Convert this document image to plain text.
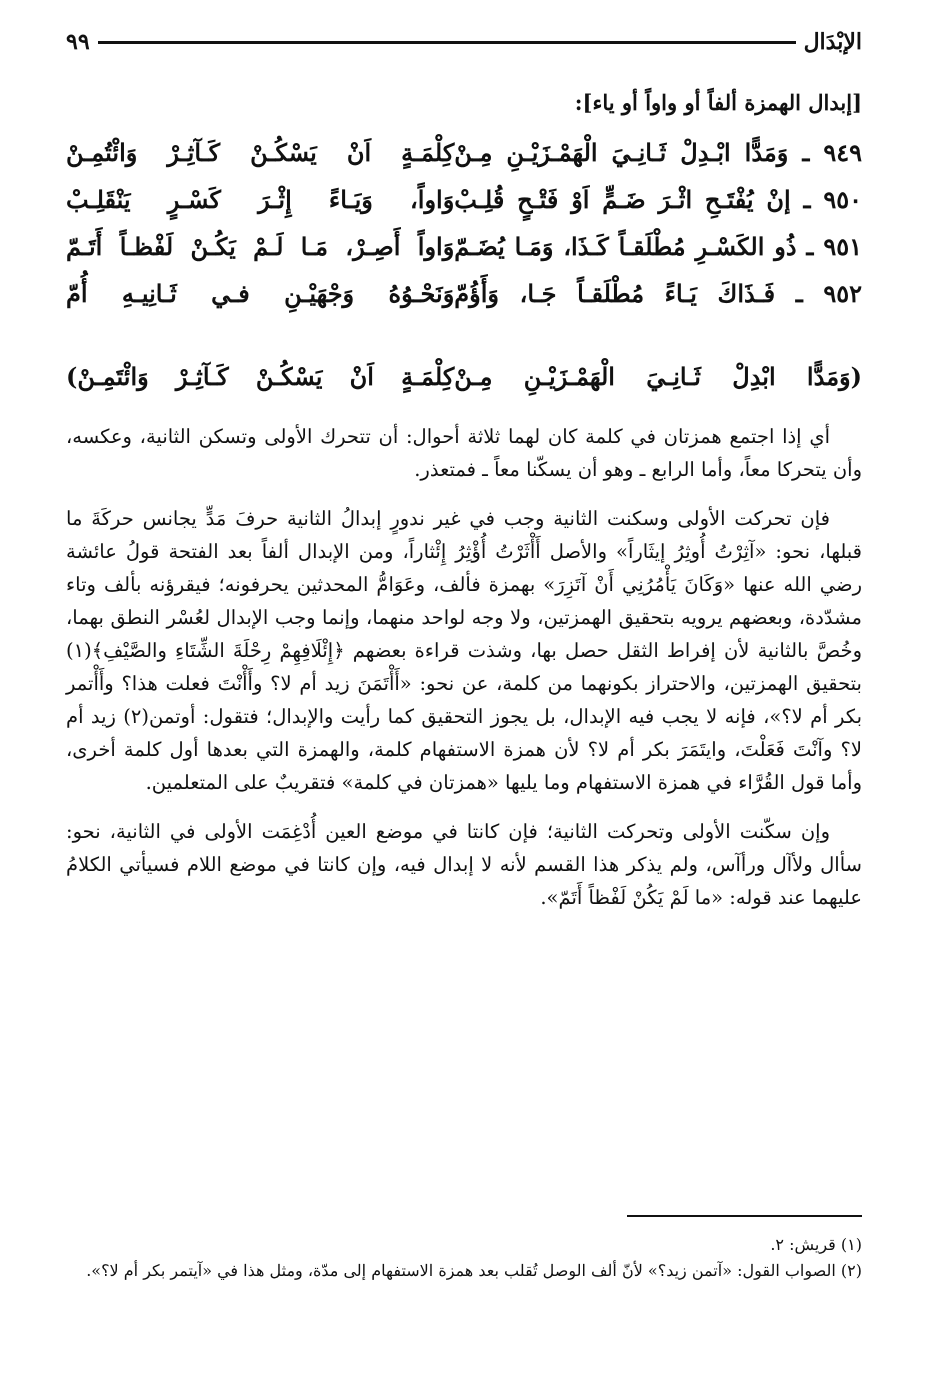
الإبْدَال
٩٩
[إبدال الهمزة ألفاً أو واواً أو ياء]:
٩٤٩ ـ وَمَدًّا ابْـدِلْ ثَـانِـيَ الْهَمْـزَيْـنِ مِـنْ
كِلْمَـةٍ اَنْ يَسْكُـنْ كَـآثِـرْ وَائْتُمِـنْ
٩٥٠ ـ إنْ يُفْتَـحِ اثْـرَ ضَـمٍّ اَوْ فَتْـحٍ قُلِـبْ
وَاواً، وَيَـاءً إِثْـرَ كَسْـرٍ يَنْقَلِـبْ
٩٥١ ـ ذُو الكَسْـرِ مُطْلَقـاً كَـذَا، وَمَـا يُضَـمّ
وَاواً أَصِـرْ، مَـا لَـمْ يَكُـنْ لَفْظـاً أَتَـمّ
٩٥٢ ـ فَـذَاكَ يَـاءً مُطْلَقـاً جَـا، وَأَؤُمّ
وَنَحْـوُهُ وَجْهَيْـنِ فـي ثَـانِيـهِ أُمّ
(وَمَدًّا ابْدِلْ ثَـانِـيَ الْهَمْـزَيْـنِ مِـنْ
كِلْمَـةٍ اَنْ يَسْكُـنْ كَـآثِـرْ وَائْتَمِـنْ)

أي إذا اجتمع همزتان في كلمة كان لهما ثلاثة أحوال: أن تتحرك الأولى وتسكن الثانية، وعكسه، وأن يتحركا معاً، وأما الرابع ـ وهو أن يسكّنا معاً ـ فمتعذر.

فإن تحركت الأولى وسكنت الثانية وجب في غير ندورٍ إبدالُ الثانية حرفَ مَدٍّ يجانس حركَةَ ما قبلها، نحو: «آثِرْتُ أُوثِرُ إيثَاراً» والأصل أَأْثَرْتُ أُؤْثِرُ إِئْثاراً، ومن الإبدال ألفاً بعد الفتحة قولُ عائشة رضي الله عنها «وَكَانَ يَأْمُرُنِي أَنْ آتَزِرَ» بهمزة فألف، وعَوَامُّ المحدثين يحرفونه؛ فيقرؤنه بألف وتاء مشدّدة، وبعضهم يرويه بتحقيق الهمزتين، ولا وجه لواحد منهما، وإنما وجب الإبدال لعُسْر النطق بهما، وخُصَّ بالثانية لأن إفراط الثقل حصل بها، وشذت قراءة بعضهم ﴿إِئْلَافِهِمْ رِحْلَةَ الشِّتَاءِ والصَّيْفِ﴾(١) بتحقيق الهمزتين، والاحتراز بكونهما من كلمة، عن نحو: «أَأْتَمَنَ زيد أم لا؟ وأَأْنْتَ فعلت هذا؟ وأَأْتمر بكر أم لا؟»، فإنه لا يجب فيه الإبدال، بل يجوز التحقيق كما رأيت والإبدال؛ فتقول: أوتمن(٢) زيد أم لا؟ وآنْتَ فَعَلْتَ، وايتَمَرَ بكر أم لا؟ لأن همزة الاستفهام كلمة، والهمزة التي بعدها أول كلمة أخرى، وأما قول القُرَّاء في همزة الاستفهام وما يليها «همزتان في كلمة» فتقريبٌ على المتعلمين.

وإن سكّنت الأولى وتحركت الثانية؛ فإن كانتا في موضع العين أُدْغِمَت الأولى في الثانية، نحو: سأال ولأآل ورأآس، ولم يذكر هذا القسم لأنه لا إبدال فيه، وإن كانتا في موضع اللام فسيأتي الكلامُ عليهما عند قوله: «ما لَمْ يَكُنْ لَفْظاً أَتَمّ».

(١) قريش: ٢.

(٢) الصواب القول: «آتمن زيد؟» لأنّ ألف الوصل تُقلب بعد همزة الاستفهام إلى مدّة، ومثل هذا في «آيتمر بكر أم لا؟».
